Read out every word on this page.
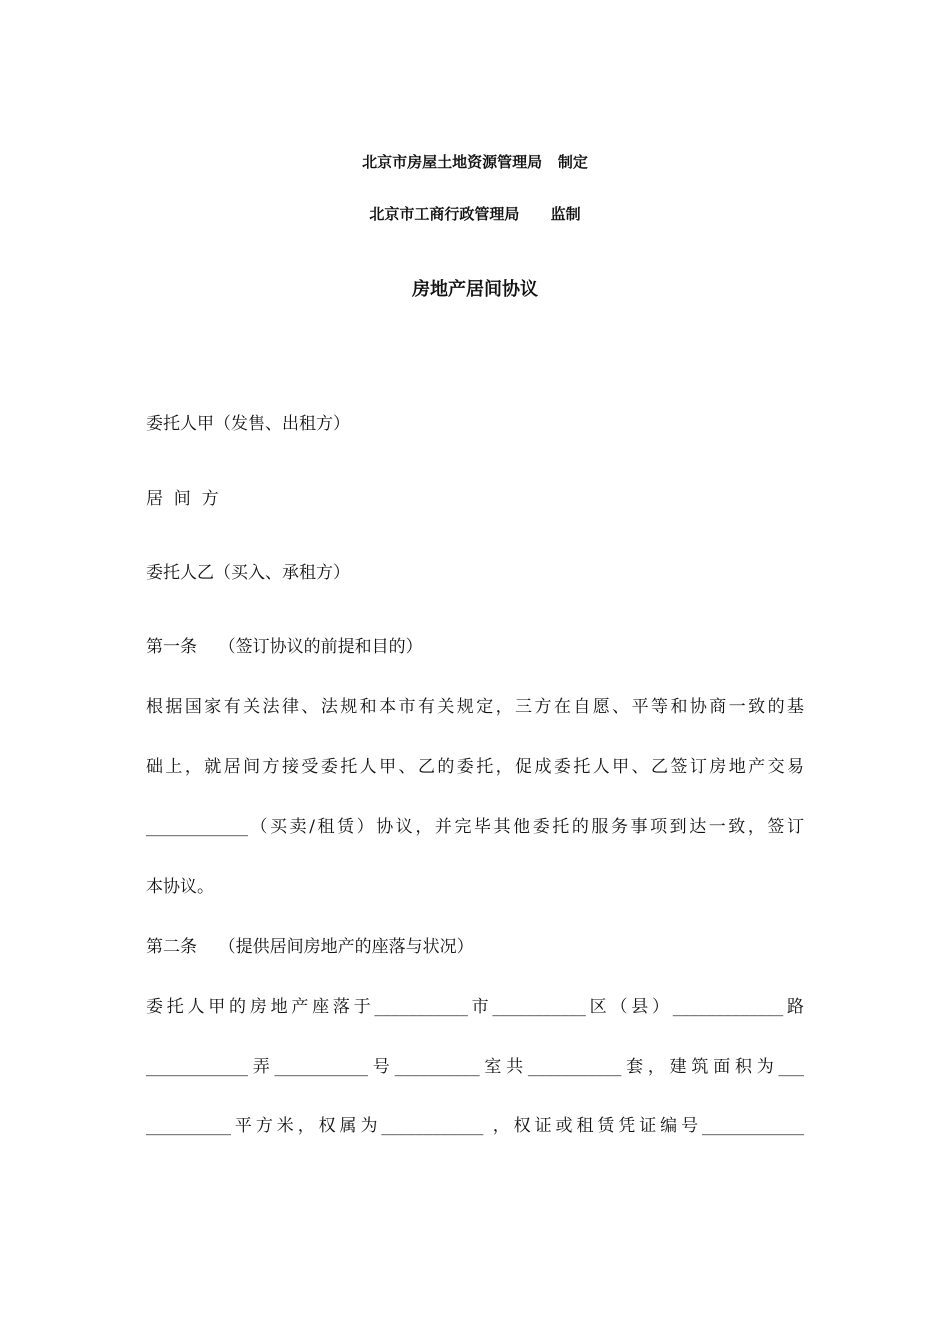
北京市房屋土地资源管理局   制定
北京市工商行政管理局      监制
房地产居间协议
委托人甲（发售、出租方）
居  间  方
委托人乙（买入、承租方）
第一条    （签订协议的前提和目的）
根据国家有关法律、法规和本市有关规定，三方在自愿、平等和协商一致的基
础上，就居间方接受委托人甲、乙的委托，促成委托人甲、乙签订房地产交易
____________（买卖/租赁）协议，并完毕其他委托的服务事项到达一致，签订
本协议。
第二条    （提供居间房地产的座落与状况）
委托人甲的房地产座落于___________市___________区（县）_____________路
____________弄___________号__________室共___________套，建筑面积为___
__________平方米，权属为____________ ，权证或租赁凭证编号____________
